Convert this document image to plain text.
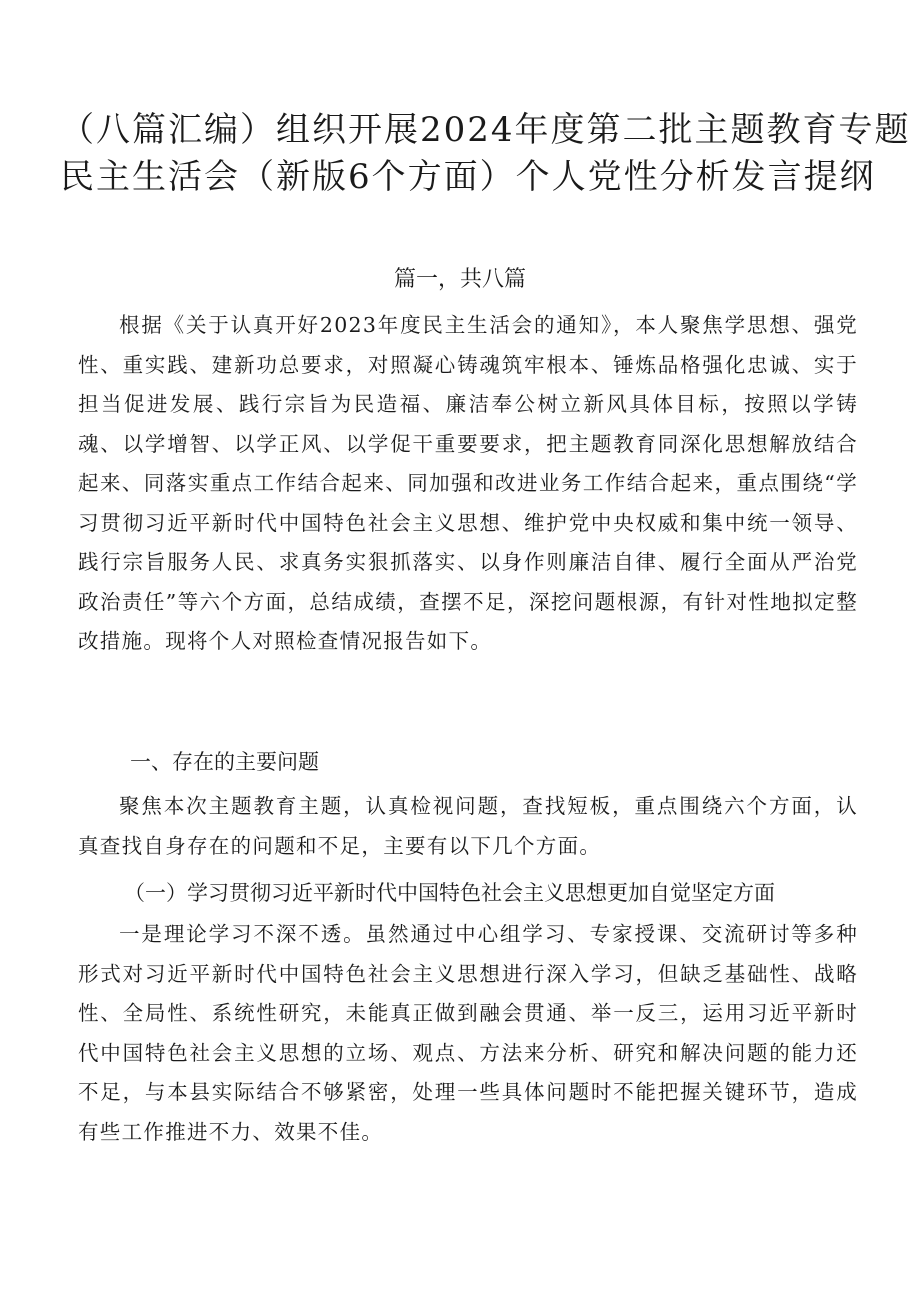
（八篇汇编）组织开展2024年度第二批主题教育专题
民主生活会（新版6个方面）个人党性分析发言提纲
篇一，共八篇

根据《关于认真开好2023年度民主生活会的通知》，本人聚焦学思想、强党性、重实践、建新功总要求，对照凝心铸魂筑牢根本、锤炼品格强化忠诚、实于担当促进发展、践行宗旨为民造福、廉洁奉公树立新风具体目标，按照以学铸魂、以学增智、以学正风、以学促干重要要求，把主题教育同深化思想解放结合起来、同落实重点工作结合起来、同加强和改进业务工作结合起来，重点围绕“学习贯彻习近平新时代中国特色社会主义思想、维护党中央权威和集中统一领导、践行宗旨服务人民、求真务实狠抓落实、以身作则廉洁自律、履行全面从严治党政治责任”等六个方面，总结成绩，查摆不足，深挖问题根源，有针对性地拟定整改措施。现将个人对照检查情况报告如下。

一、存在的主要问题

聚焦本次主题教育主题，认真检视问题，查找短板，重点围绕六个方面，认真查找自身存在的问题和不足，主要有以下几个方面。

（一）学习贯彻习近平新时代中国特色社会主义思想更加自觉坚定方面

一是理论学习不深不透。虽然通过中心组学习、专家授课、交流研讨等多种形式对习近平新时代中国特色社会主义思想进行深入学习，但缺乏基础性、战略性、全局性、系统性研究，未能真正做到融会贯通、举一反三，运用习近平新时代中国特色社会主义思想的立场、观点、方法来分析、研究和解决问题的能力还不足，与本县实际结合不够紧密，处理一些具体问题时不能把握关键环节，造成有些工作推进不力、效果不佳。
